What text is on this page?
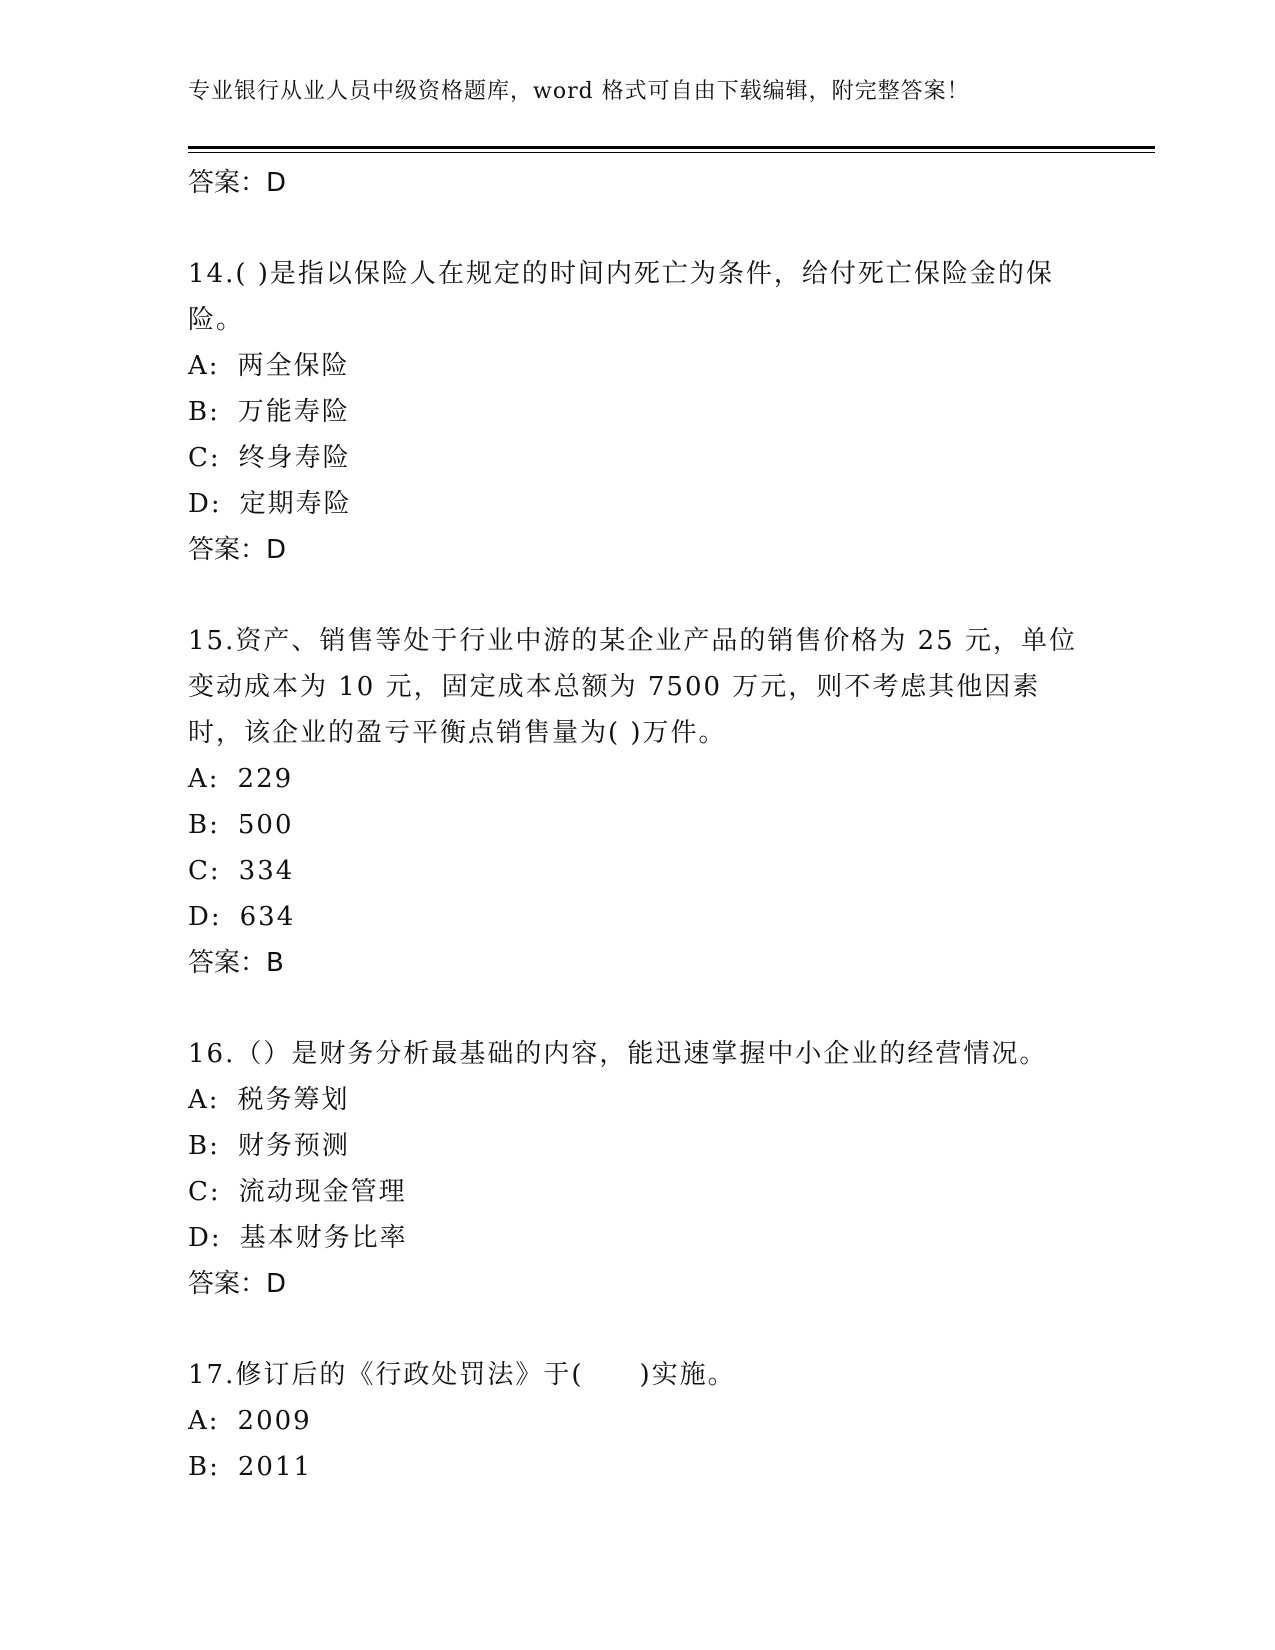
专业银行从业人员中级资格题库，word 格式可自由下载编辑，附完整答案！
答案：D
14.( )是指以保险人在规定的时间内死亡为条件，给付死亡保险金的保险。
A: 两全保险
B: 万能寿险
C: 终身寿险
D: 定期寿险
答案：D
15.资产、销售等处于行业中游的某企业产品的销售价格为 25 元，单位变动成本为 10 元，固定成本总额为 7500 万元，则不考虑其他因素时，该企业的盈亏平衡点销售量为( )万件。
A: 229
B: 500
C: 334
D: 634
答案：B
16.（）是财务分析最基础的内容，能迅速掌握中小企业的经营情况。
A: 税务筹划
B: 财务预测
C: 流动现金管理
D: 基本财务比率
答案：D
17.修订后的《行政处罚法》于(　　)实施。
A: 2009
B: 2011
